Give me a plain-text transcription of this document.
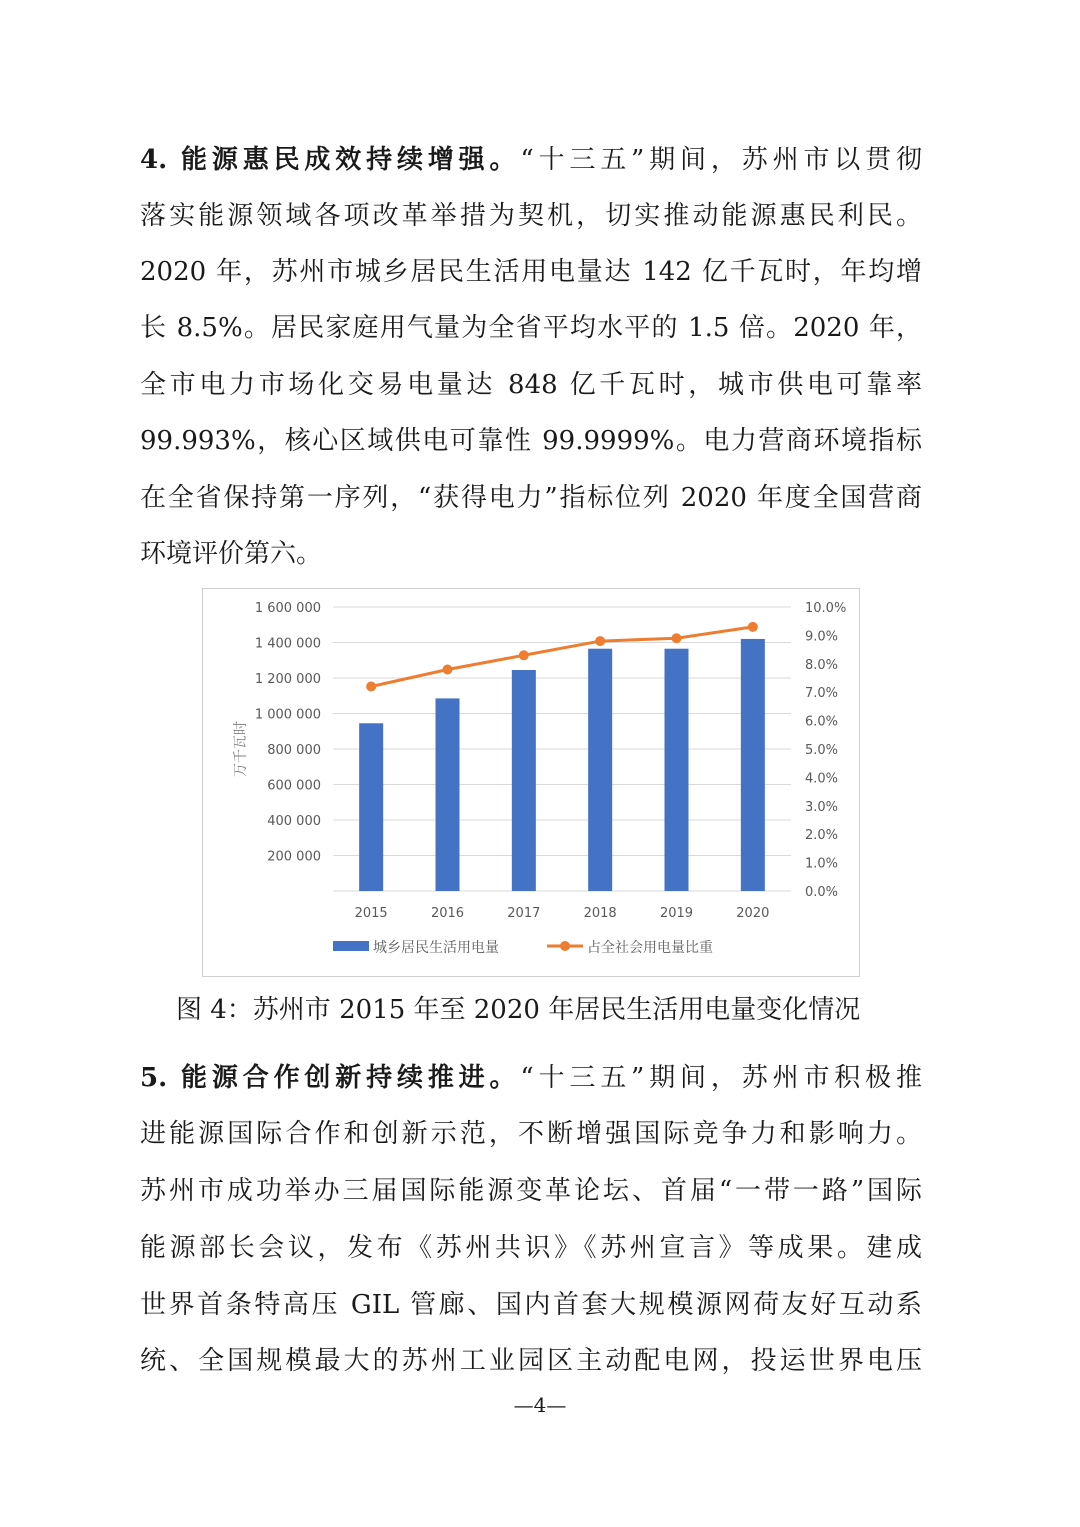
4. 能源惠民成效持续增强。“十三五”期间，苏州市以贯彻
落实能源领域各项改革举措为契机，切实推动能源惠民利民。
2020 年，苏州市城乡居民生活用电量达 142 亿千瓦时，年均增
长 8.5%。居民家庭用气量为全省平均水平的 1.5 倍。2020 年，
全市电力市场化交易电量达 848 亿千瓦时，城市供电可靠率
99.993%，核心区域供电可靠性 99.9999%。电力营商环境指标
在全省保持第一序列，“获得电力”指标位列 2020 年度全国营商
环境评价第六。
200 000
400 000
600 000
800 000
1 000 000
1 200 000
1 400 000
1 600 000
0.0%
1.0%
2.0%
3.0%
4.0%
5.0%
6.0%
7.0%
8.0%
9.0%
10.0%
万千瓦时
2015	2016	2017	2018	2019	2020
城乡居民生活用电量	占全社会用电量比重
图 4：苏州市 2015 年至 2020 年居民生活用电量变化情况
5. 能源合作创新持续推进。“十三五”期间，苏州市积极推
进能源国际合作和创新示范，不断增强国际竞争力和影响力。
苏州市成功举办三届国际能源变革论坛、首届“一带一路”国际
能源部长会议，发布《苏州共识》《苏州宣言》等成果。建成
世界首条特高压 GIL 管廊、国内首套大规模源网荷友好互动系
统、全国规模最大的苏州工业园区主动配电网，投运世界电压
—4—
